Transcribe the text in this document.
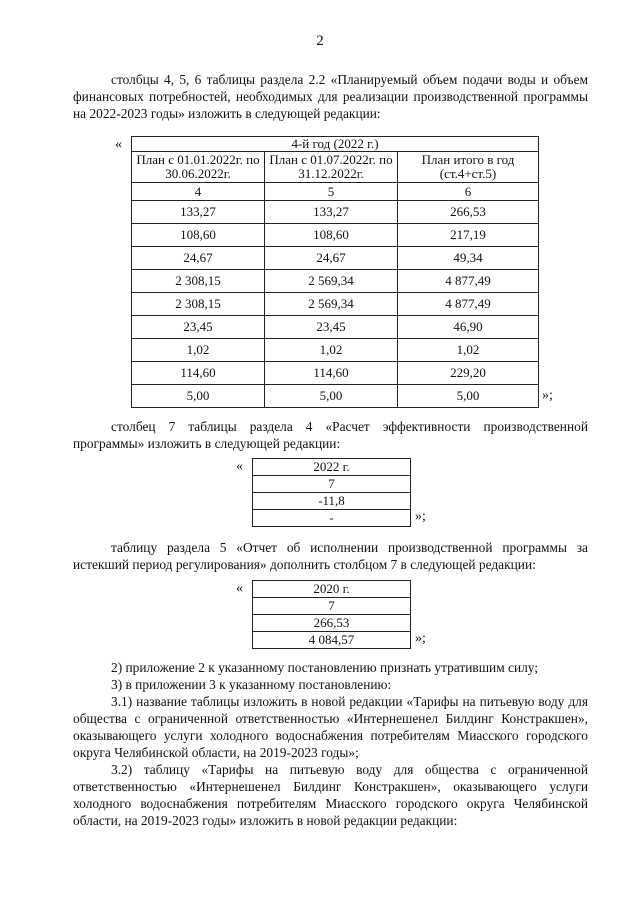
2
столбцы 4, 5, 6 таблицы раздела 2.2 «Планируемый объем подачи воды и объем финансовых потребностей, необходимых для реализации производственной программы на 2022-2023 годы» изложить в следующей редакции:
«	4-й год (2022 г.)		
План с 01.01.2022г. по 30.06.2022г.	План с 01.07.2022г. по 31.12.2022г.	План итого в год (ст.4+ст.5)
4	5	6
133,27	133,27	266,53
108,60	108,60	217,19
24,67	24,67	49,34
2 308,15	2 569,34	4 877,49
2 308,15	2 569,34	4 877,49
23,45	23,45	46,90
1,02	1,02	1,02
114,60	114,60	229,20
5,00	5,00	5,00	»;
столбец 7 таблицы раздела 4 «Расчет эффективности производственной программы» изложить в следующей редакции:
«	2022 г.
7
-11,8
-	»;
таблицу раздела 5 «Отчет об исполнении производственной программы за истекший период регулирования» дополнить столбцом 7 в следующей редакции:
«	2020 г.
7
266,53
4 084,57	»;
2) приложение 2 к указанному постановлению признать утратившим силу;
3) в приложении 3 к указанному постановлению:
3.1) название таблицы изложить в новой редакции «Тарифы на питьевую воду для общества с ограниченной ответственностью «Интернешенел Билдинг Констракшен», оказывающего услуги холодного водоснабжения потребителям Миасского городского округа Челябинской области, на 2019-2023 годы»;
3.2) таблицу «Тарифы на питьевую воду для общества с ограниченной ответственностью «Интернешенел Билдинг Констракшен», оказывающего услуги холодного водоснабжения потребителям Миасского городского округа Челябинской области, на 2019-2023 годы» изложить в новой редакции редакции:
